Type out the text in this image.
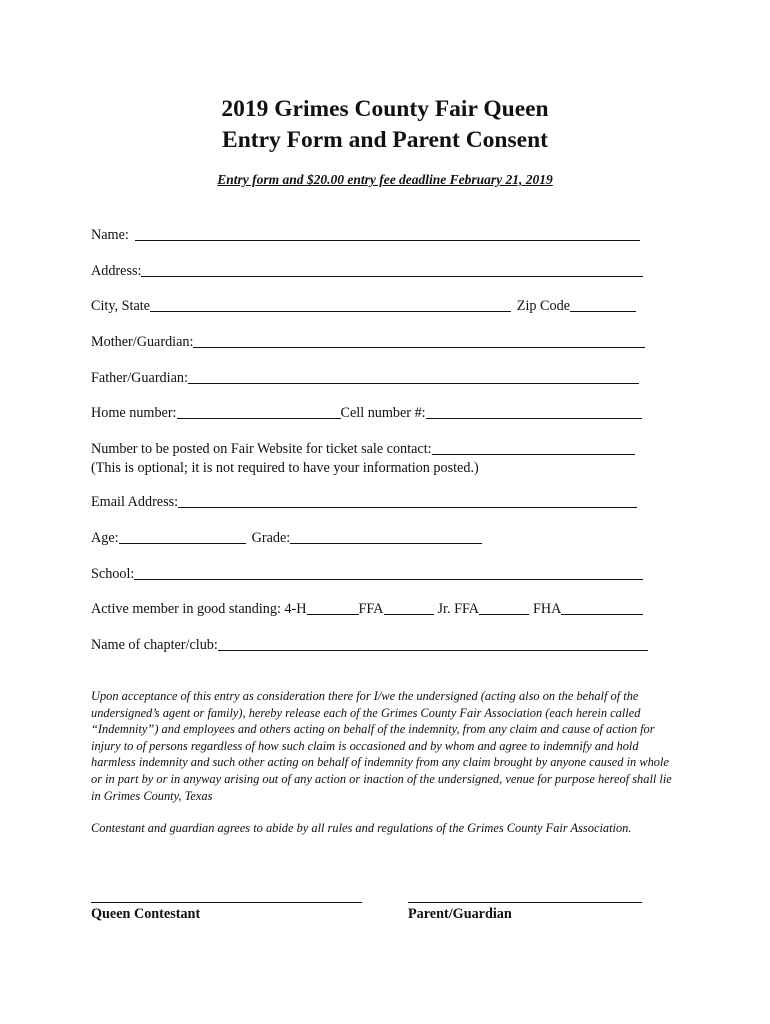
2019 Grimes County Fair Queen
Entry Form and Parent Consent
Entry form and $20.00 entry fee deadline February 21, 2019
Name:
Address:
City, State	Zip Code
Mother/Guardian:
Father/Guardian:
Home number:	Cell number #:
Number to be posted on Fair Website for ticket sale contact:
(This is optional; it is not required to have your information posted.)
Email Address:
Age:	Grade:
School:
Active member in good standing: 4-H	FFA	Jr. FFA	FHA
Name of chapter/club:
Upon acceptance of this entry as consideration there for I/we the undersigned (acting also on the behalf of the undersigned’s agent or family), hereby release each of the Grimes County Fair Association (each herein called “Indemnity”) and employees and others acting on behalf of the indemnity, from any claim and cause of action for injury to of persons regardless of how such claim is occasioned and by whom and agree to indemnify and hold harmless indemnity and such other acting on behalf of indemnity from any claim brought by anyone caused in whole or in part by or in anyway arising out of any action or inaction of the undersigned, venue for purpose hereof shall lie in Grimes County, Texas
Contestant and guardian agrees to abide by all rules and regulations of the Grimes County Fair Association.
Queen Contestant	Parent/Guardian
